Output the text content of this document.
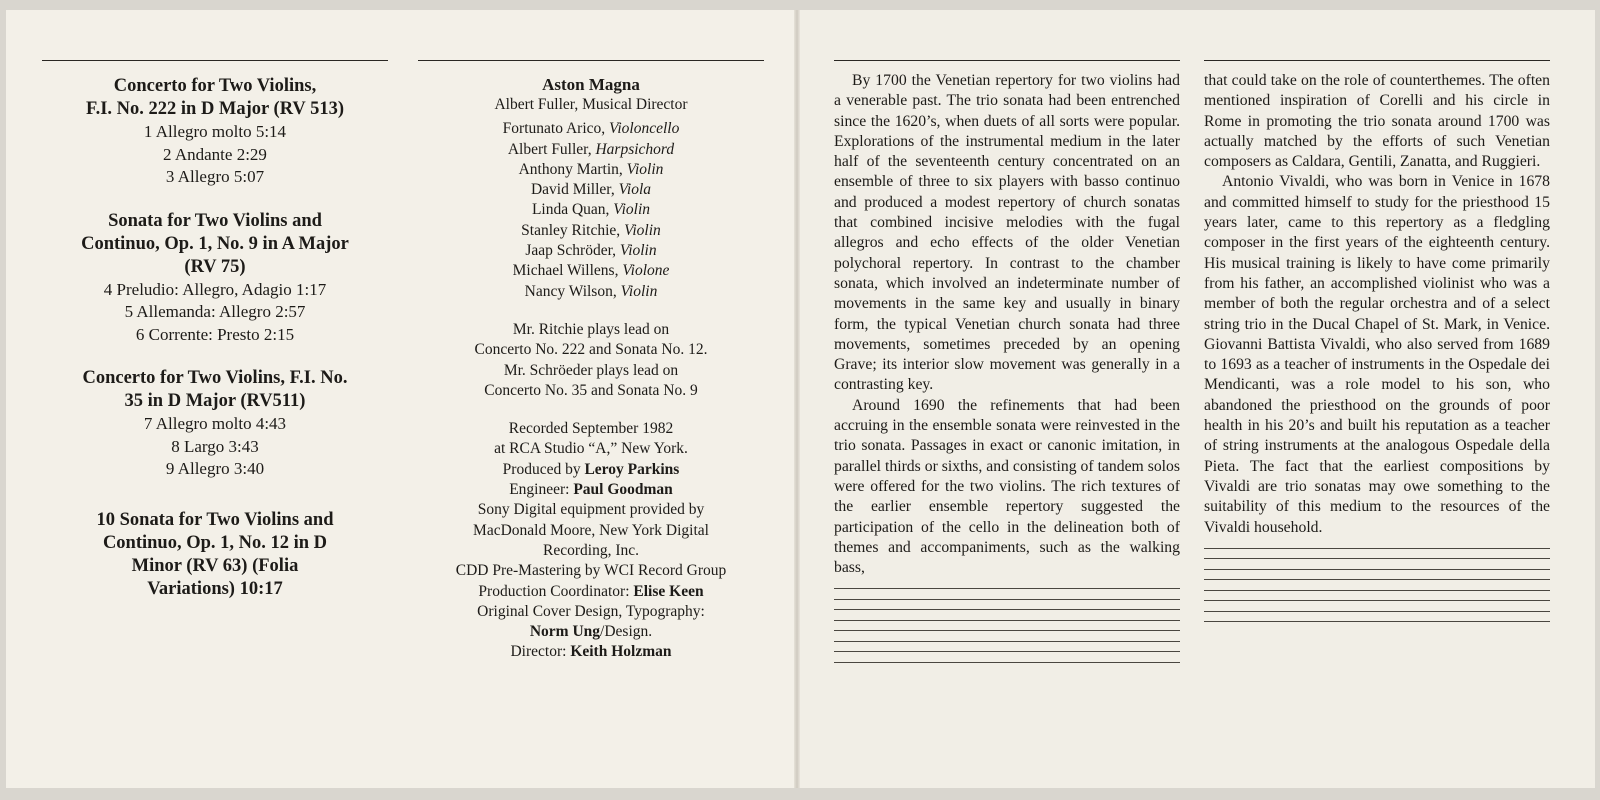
Concerto for Two Violins,
F.I. No. 222 in D Major (RV 513)
1 Allegro molto 5:14
2 Andante 2:29
3 Allegro 5:07
Sonata for Two Violins and
Continuo, Op. 1, No. 9 in A Major
(RV 75)
4 Preludio: Allegro, Adagio 1:17
5 Allemanda: Allegro 2:57
6 Corrente: Presto 2:15
Concerto for Two Violins, F.I. No.
35 in D Major (RV511)
7 Allegro molto 4:43
8 Largo 3:43
9 Allegro 3:40
10 Sonata for Two Violins and
Continuo, Op. 1, No. 12 in D
Minor (RV 63) (Folia
Variations) 10:17
Aston Magna
Albert Fuller, Musical Director
Fortunato Arico, Violoncello
Albert Fuller, Harpsichord
Anthony Martin, Violin
David Miller, Viola
Linda Quan, Violin
Stanley Ritchie, Violin
Jaap Schröder, Violin
Michael Willens, Violone
Nancy Wilson, Violin
Mr. Ritchie plays lead on
Concerto No. 222 and Sonata No. 12.
Mr. Schröeder plays lead on
Concerto No. 35 and Sonata No. 9
Recorded September 1982
at RCA Studio “A,” New York.
Produced by Leroy Parkins
Engineer: Paul Goodman
Sony Digital equipment provided by
MacDonald Moore, New York Digital
Recording, Inc.
CDD Pre-Mastering by WCI Record Group
Production Coordinator: Elise Keen
Original Cover Design, Typography:
Norm Ung/Design.
Director: Keith Holzman

By 1700 the Venetian repertory for two violins had a venerable past. The trio sonata had been entrenched since the 1620’s, when duets of all sorts were popular. Explorations of the instrumental medium in the later half of the seventeenth century concentrated on an ensemble of three to six players with basso continuo and produced a modest repertory of church sonatas that combined incisive melodies with the fugal allegros and echo effects of the older Venetian polychoral repertory. In contrast to the chamber sonata, which involved an indeterminate number of movements in the same key and usually in binary form, the typical Venetian church sonata had three movements, sometimes preceded by an opening Grave; its interior slow movement was generally in a contrasting key.

Around 1690 the refinements that had been accruing in the ensemble sonata were reinvested in the trio sonata. Passages in exact or canonic imitation, in parallel thirds or sixths, and consisting of tandem solos were offered for the two violins. The rich textures of the earlier ensemble repertory suggested the participation of the cello in the delineation both of themes and accompaniments, such as the walking bass,

that could take on the role of counterthemes. The often mentioned inspiration of Corelli and his circle in Rome in promoting the trio sonata around 1700 was actually matched by the efforts of such Venetian composers as Caldara, Gentili, Zanatta, and Ruggieri.

Antonio Vivaldi, who was born in Venice in 1678 and committed himself to study for the priesthood 15 years later, came to this repertory as a fledgling composer in the first years of the eighteenth century. His musical training is likely to have come primarily from his father, an accomplished violinist who was a member of both the regular orchestra and of a select string trio in the Ducal Chapel of St. Mark, in Venice. Giovanni Battista Vivaldi, who also served from 1689 to 1693 as a teacher of instruments in the Ospedale dei Mendicanti, was a role model to his son, who abandoned the priesthood on the grounds of poor health in his 20’s and built his reputation as a teacher of string instruments at the analogous Ospedale della Pieta. The fact that the earliest compositions by Vivaldi are trio sonatas may owe something to the suitability of this medium to the resources of the Vivaldi household.
